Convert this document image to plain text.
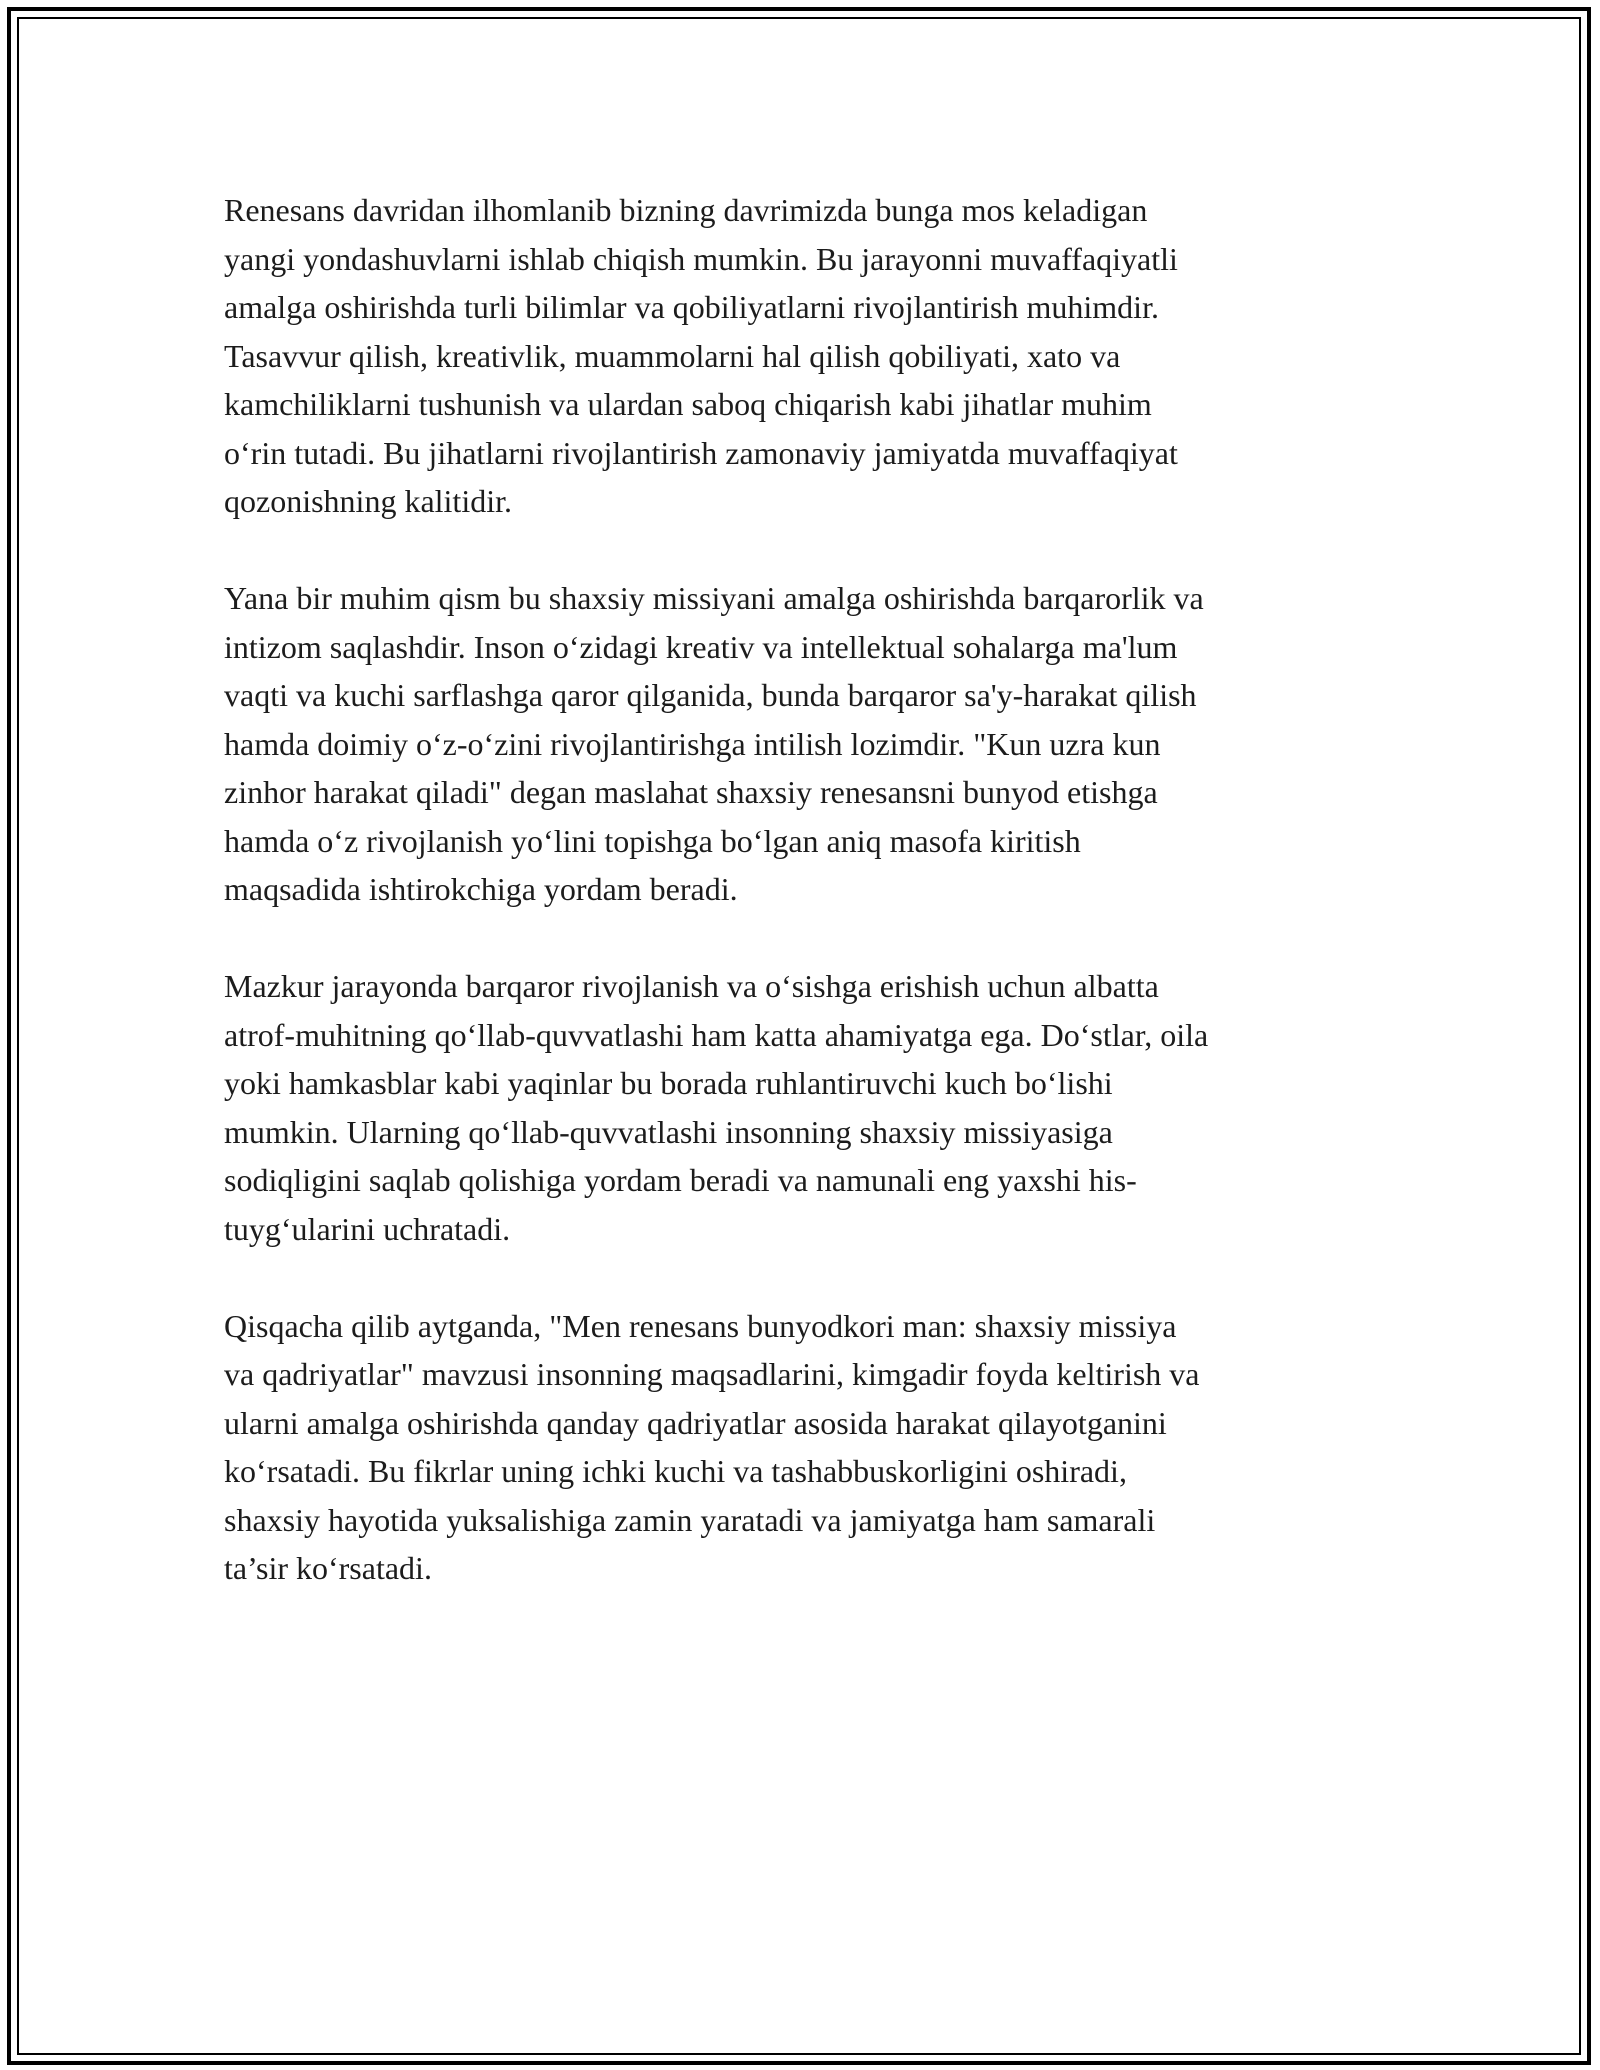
Renesans davridan ilhomlanib bizning davrimizda bunga mos keladigan
yangi yondashuvlarni ishlab chiqish mumkin. Bu jarayonni muvaffaqiyatli
amalga oshirishda turli bilimlar va qobiliyatlarni rivojlantirish muhimdir.
Tasavvur qilish, kreativlik, muammolarni hal qilish qobiliyati, xato va
kamchiliklarni tushunish va ulardan saboq chiqarish kabi jihatlar muhim
o‘rin tutadi. Bu jihatlarni rivojlantirish zamonaviy jamiyatda muvaffaqiyat
qozonishning kalitidir.

Yana bir muhim qism bu shaxsiy missiyani amalga oshirishda barqarorlik va
intizom saqlashdir. Inson o‘zidagi kreativ va intellektual sohalarga ma'lum
vaqti va kuchi sarflashga qaror qilganida, bunda barqaror sa'y-harakat qilish
hamda doimiy o‘z-o‘zini rivojlantirishga intilish lozimdir. "Kun uzra kun
zinhor harakat qiladi" degan maslahat shaxsiy renesansni bunyod etishga
hamda o‘z rivojlanish yo‘lini topishga bo‘lgan aniq masofa kiritish
maqsadida ishtirokchiga yordam beradi.

Mazkur jarayonda barqaror rivojlanish va o‘sishga erishish uchun albatta
atrof-muhitning qo‘llab-quvvatlashi ham katta ahamiyatga ega. Do‘stlar, oila
yoki hamkasblar kabi yaqinlar bu borada ruhlantiruvchi kuch bo‘lishi
mumkin. Ularning qo‘llab-quvvatlashi insonning shaxsiy missiyasiga
sodiqligini saqlab qolishiga yordam beradi va namunali eng yaxshi his-
tuyg‘ularini uchratadi.

Qisqacha qilib aytganda, "Men renesans bunyodkori man: shaxsiy missiya
va qadriyatlar" mavzusi insonning maqsadlarini, kimgadir foyda keltirish va
ularni amalga oshirishda qanday qadriyatlar asosida harakat qilayotganini
ko‘rsatadi. Bu fikrlar uning ichki kuchi va tashabbuskorligini oshiradi,
shaxsiy hayotida yuksalishiga zamin yaratadi va jamiyatga ham samarali
ta’sir ko‘rsatadi.
